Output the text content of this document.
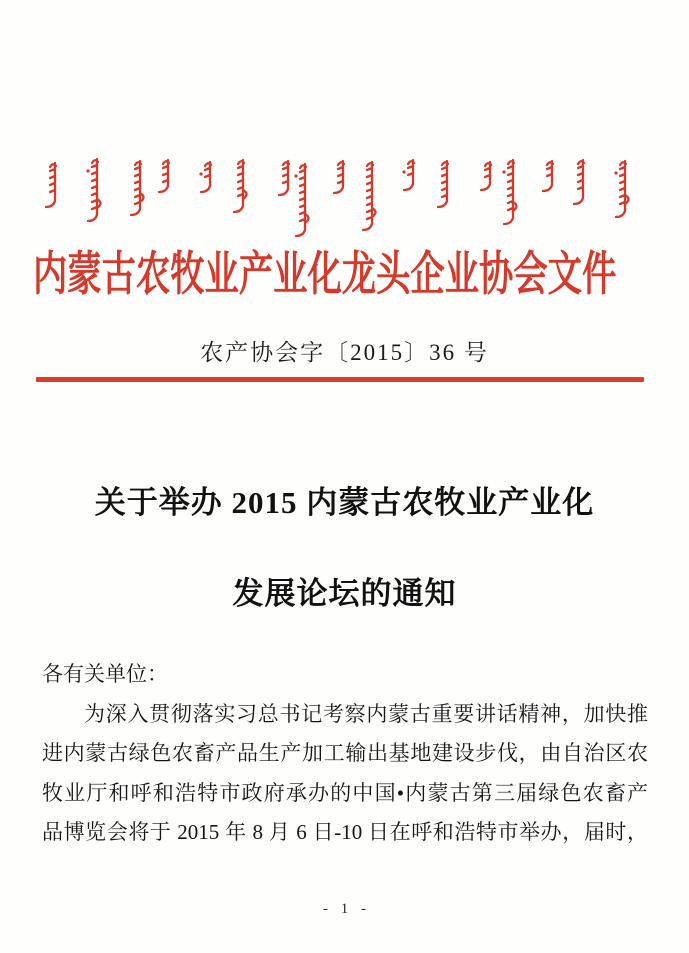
内蒙古农牧业产业化龙头企业协会文件
农产协会字〔2015〕36 号
关于举办 2015 内蒙古农牧业产业化
发展论坛的通知
各有关单位：
为深入贯彻落实习总书记考察内蒙古重要讲话精神，加快推
进内蒙古绿色农畜产品生产加工输出基地建设步伐，由自治区农
牧业厅和呼和浩特市政府承办的中国•内蒙古第三届绿色农畜产
品博览会将于 2015 年 8 月 6 日-10 日在呼和浩特市举办，届时，
- 1 -
